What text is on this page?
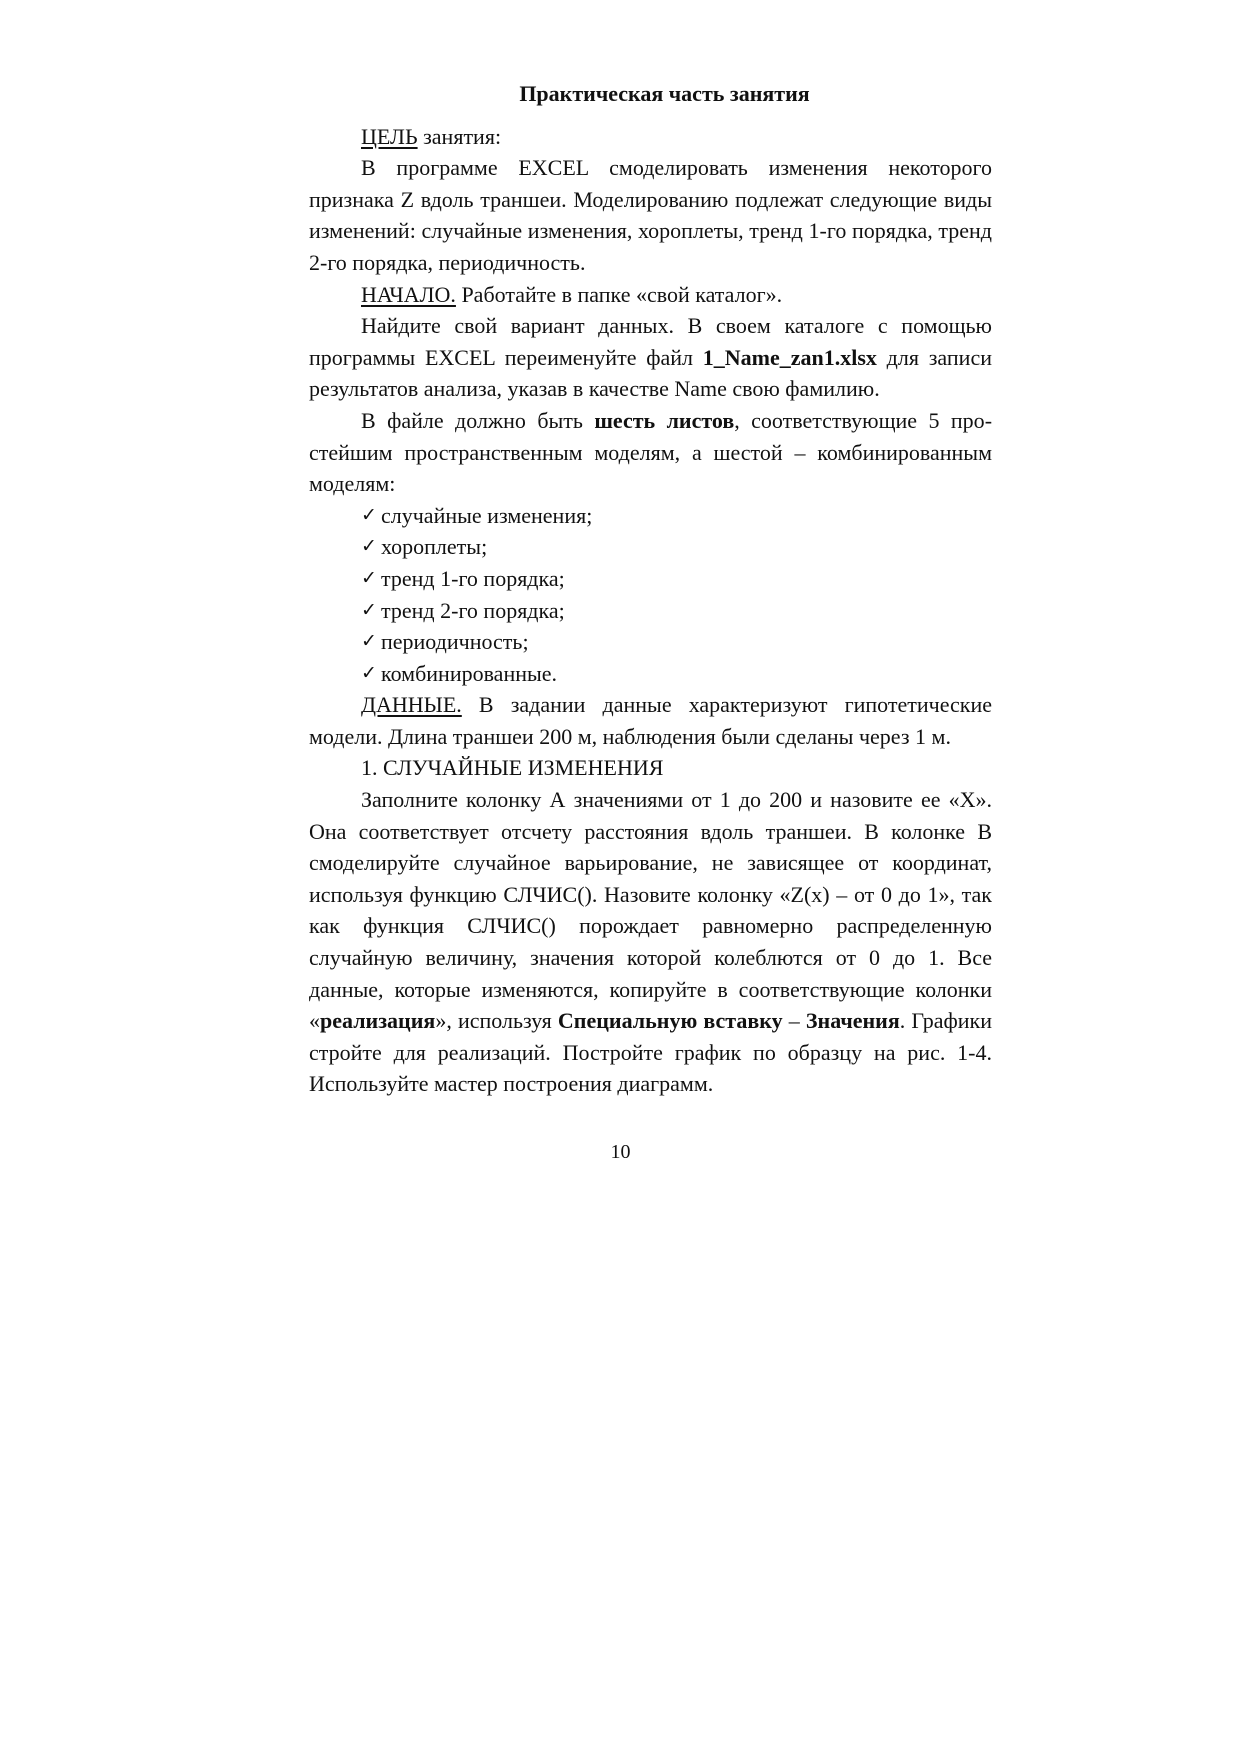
Практическая часть занятия

ЦЕЛЬ занятия:

В программе EXCEL смоделировать изменения некоторого признака Z вдоль траншеи. Моделированию подлежат следующие виды изменений: случайные изменения, хороплеты, тренд 1-го порядка, тренд 2-го порядка, периодичность.

НАЧАЛО. Работайте в папке «свой каталог».

Найдите свой вариант данных. В своем каталоге с помощью программы EXCEL переименуйте файл 1_Name_zan1.xlsx для записи результатов анализа, указав в качестве Name свою фамилию.

В файле должно быть шесть листов, соответствующие 5 простейшим пространственным моделям, а шестой – комбинированным моделям:

✓ случайные изменения;
✓ хороплеты;
✓ тренд 1-го порядка;
✓ тренд 2-го порядка;
✓ периодичность;
✓ комбинированные.

ДАННЫЕ. В задании данные характеризуют гипотетические модели. Длина траншеи 200 м, наблюдения были сделаны через 1 м.

1. СЛУЧАЙНЫЕ ИЗМЕНЕНИЯ

Заполните колонку А значениями от 1 до 200 и назовите ее «Х». Она соответствует отсчету расстояния вдоль траншеи. В колонке В смоделируйте случайное варьирование, не зависящее от координат, используя функцию СЛЧИС(). Назовите колонку «Z(x) – от 0 до 1», так как функция СЛЧИС() порождает равномерно распределенную случайную величину, значения которой колеблются от 0 до 1. Все данные, которые изменяются, копируйте в соответствующие колонки «реализация», используя Специальную вставку – Значения. Графики стройте для реализаций. Постройте график по образцу на рис. 1-4. Используйте мастер построения диаграмм.

10
